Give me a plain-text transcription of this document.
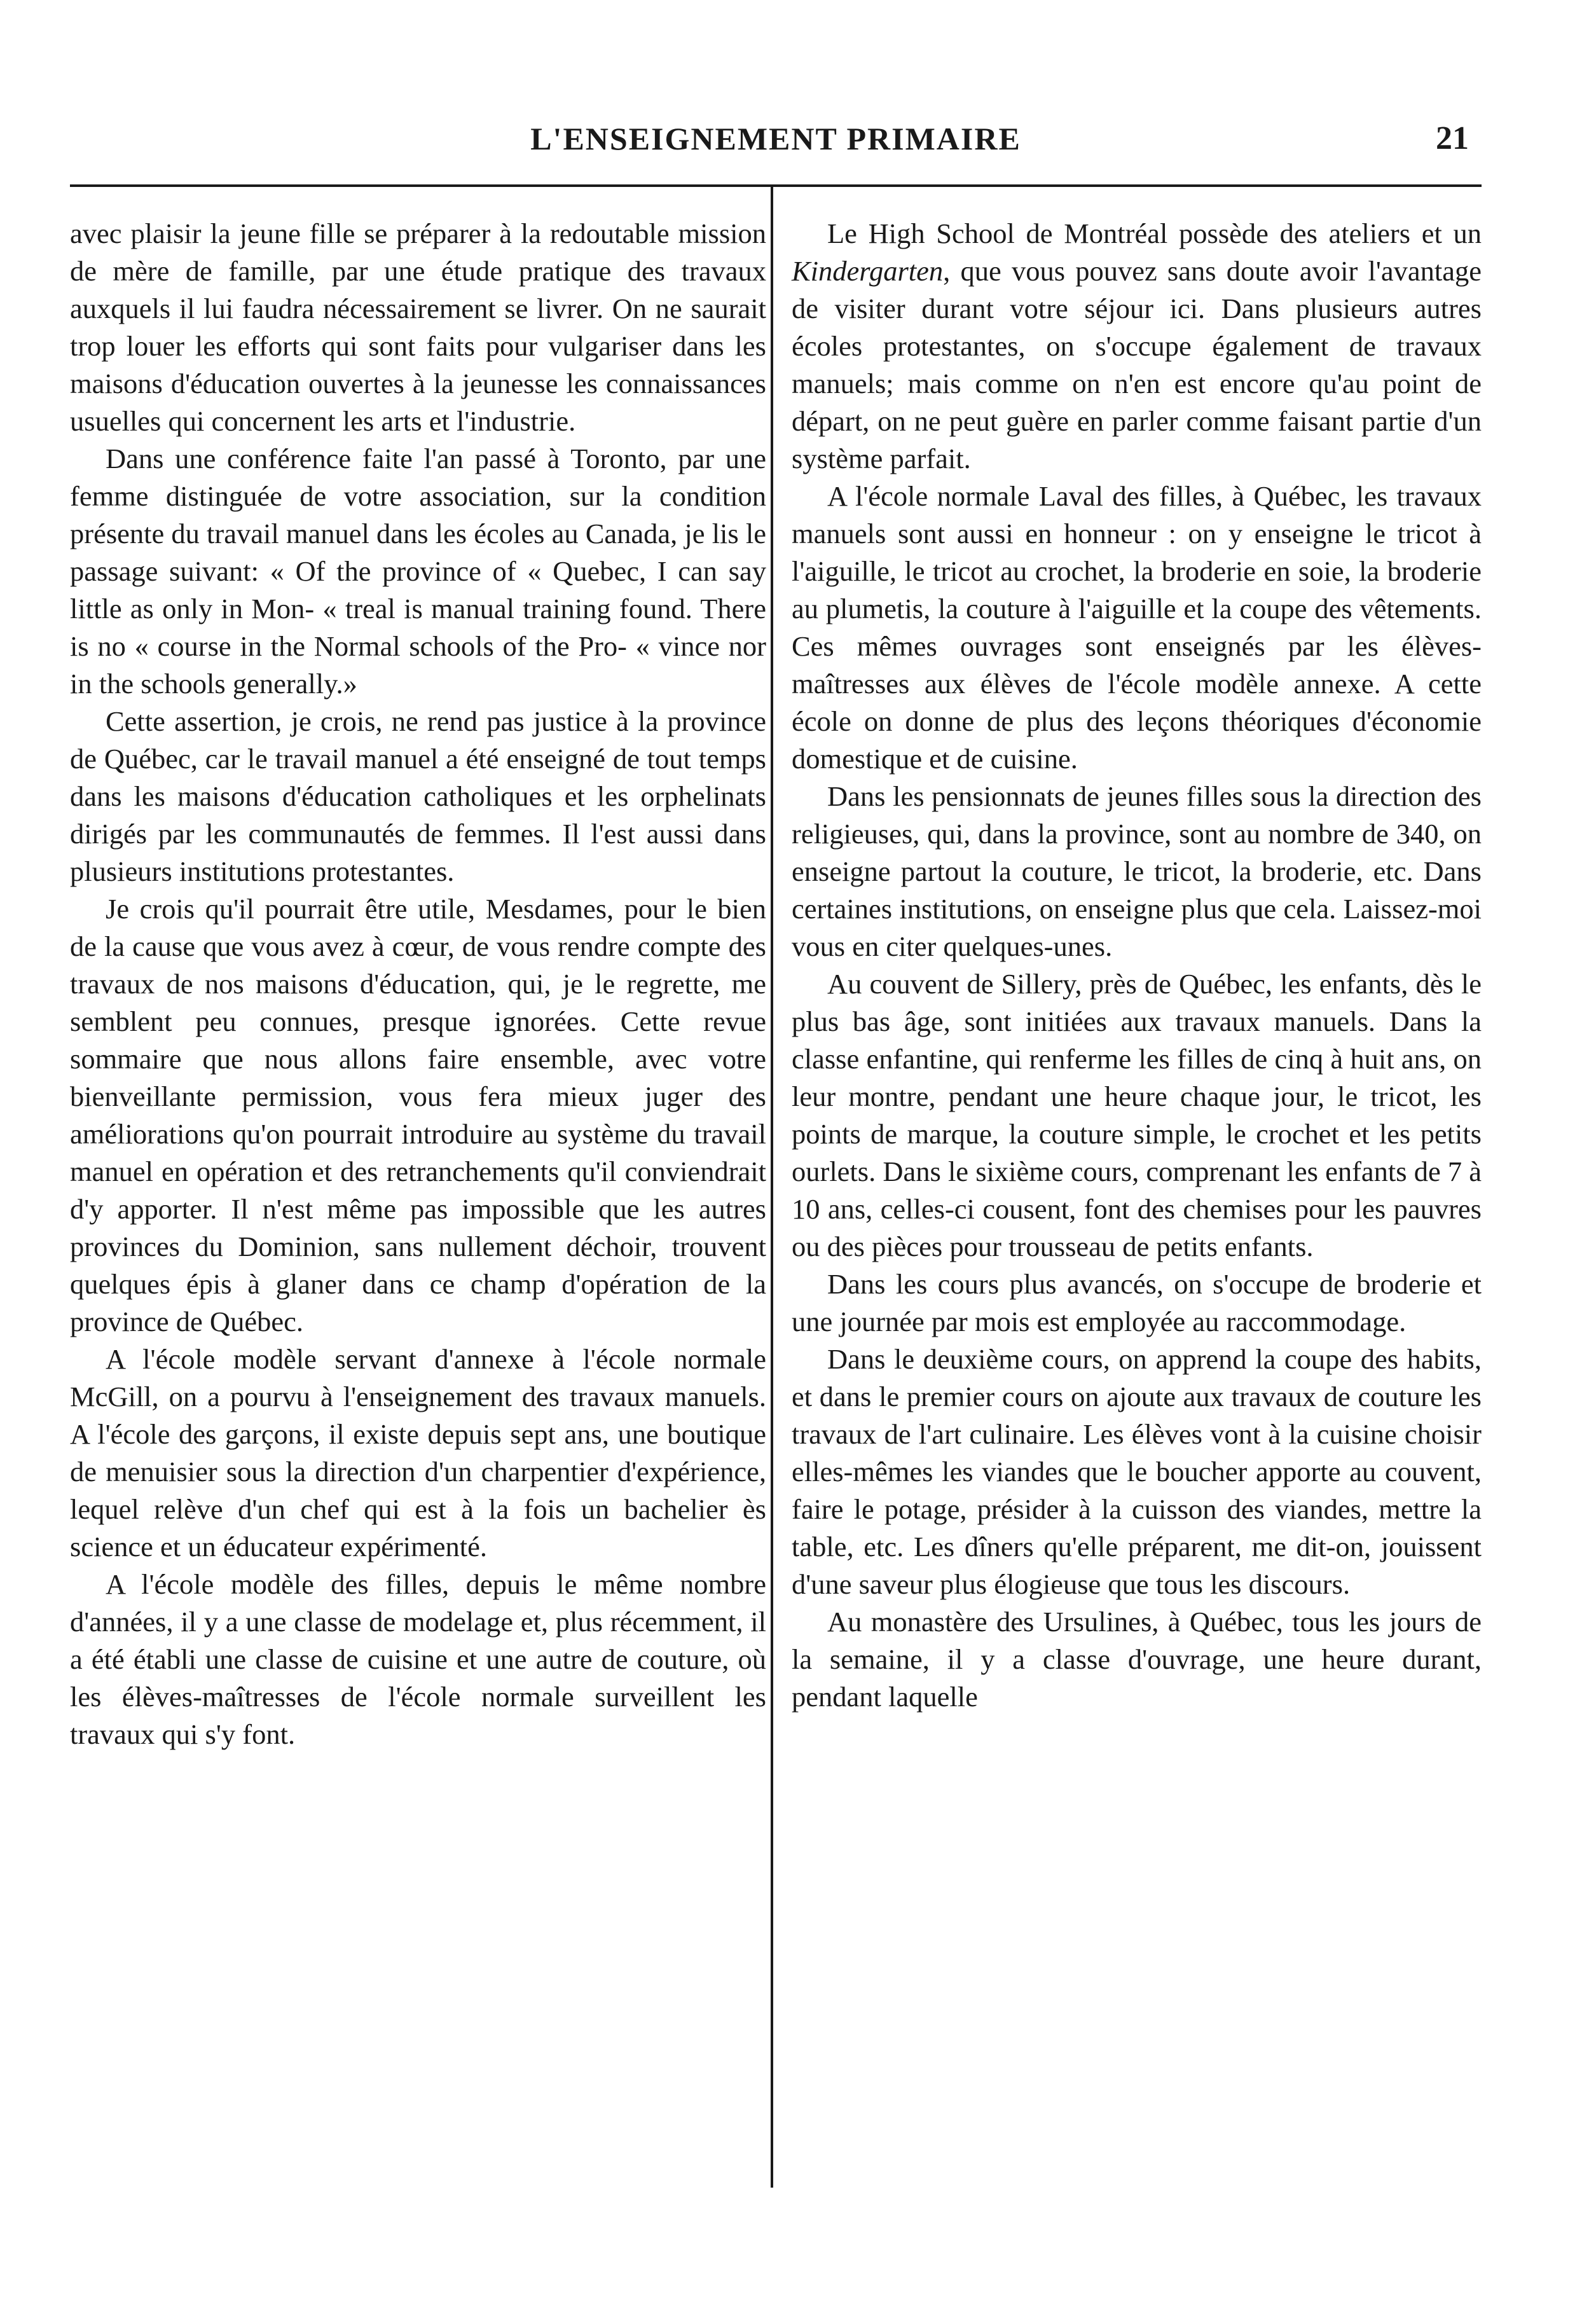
L'ENSEIGNEMENT PRIMAIRE	21

avec plaisir la jeune fille se préparer à la redoutable mission de mère de famille, par une étude pratique des travaux auxquels il lui faudra nécessairement se livrer. On ne saurait trop louer les efforts qui sont faits pour vulgariser dans les maisons d'éducation ouvertes à la jeunesse les connaissances usuelles qui concernent les arts et l'industrie.

Dans une conférence faite l'an passé à Toronto, par une femme distinguée de votre association, sur la condition présente du travail manuel dans les écoles au Canada, je lis le passage suivant: « Of the province of « Quebec, I can say little as only in Mon- « treal is manual training found. There is no « course in the Normal schools of the Pro- « vince nor in the schools generally.»

Cette assertion, je crois, ne rend pas justice à la province de Québec, car le travail manuel a été enseigné de tout temps dans les maisons d'éducation catholiques et les orphelinats dirigés par les communautés de femmes. Il l'est aussi dans plusieurs institutions protestantes.

Je crois qu'il pourrait être utile, Mesdames, pour le bien de la cause que vous avez à cœur, de vous rendre compte des travaux de nos maisons d'éducation, qui, je le regrette, me semblent peu connues, presque ignorées. Cette revue sommaire que nous allons faire ensemble, avec votre bienveillante permission, vous fera mieux juger des améliorations qu'on pourrait introduire au système du travail manuel en opération et des retranchements qu'il conviendrait d'y apporter. Il n'est même pas impossible que les autres provinces du Dominion, sans nullement déchoir, trouvent quelques épis à glaner dans ce champ d'opération de la province de Québec.

A l'école modèle servant d'annexe à l'école normale McGill, on a pourvu à l'enseignement des travaux manuels. A l'école des garçons, il existe depuis sept ans, une boutique de menuisier sous la direction d'un charpentier d'expérience, lequel relève d'un chef qui est à la fois un bachelier ès science et un éducateur expérimenté.

A l'école modèle des filles, depuis le même nombre d'années, il y a une classe de modelage et, plus récemment, il a été établi une classe de cuisine et une autre de couture, où les élèves-maîtresses de l'école normale surveillent les travaux qui s'y font.

Le High School de Montréal possède des ateliers et un Kindergarten, que vous pouvez sans doute avoir l'avantage de visiter durant votre séjour ici. Dans plusieurs autres écoles protestantes, on s'occupe également de travaux manuels; mais comme on n'en est encore qu'au point de départ, on ne peut guère en parler comme faisant partie d'un système parfait.

A l'école normale Laval des filles, à Québec, les travaux manuels sont aussi en honneur : on y enseigne le tricot à l'aiguille, le tricot au crochet, la broderie en soie, la broderie au plumetis, la couture à l'aiguille et la coupe des vêtements. Ces mêmes ouvrages sont enseignés par les élèves-maîtresses aux élèves de l'école modèle annexe. A cette école on donne de plus des leçons théoriques d'économie domestique et de cuisine.

Dans les pensionnats de jeunes filles sous la direction des religieuses, qui, dans la province, sont au nombre de 340, on enseigne partout la couture, le tricot, la broderie, etc. Dans certaines institutions, on enseigne plus que cela. Laissez-moi vous en citer quelques-unes.

Au couvent de Sillery, près de Québec, les enfants, dès le plus bas âge, sont initiées aux travaux manuels. Dans la classe enfantine, qui renferme les filles de cinq à huit ans, on leur montre, pendant une heure chaque jour, le tricot, les points de marque, la couture simple, le crochet et les petits ourlets. Dans le sixième cours, comprenant les enfants de 7 à 10 ans, celles-ci cousent, font des chemises pour les pauvres ou des pièces pour trousseau de petits enfants.

Dans les cours plus avancés, on s'occupe de broderie et une journée par mois est employée au raccommodage.

Dans le deuxième cours, on apprend la coupe des habits, et dans le premier cours on ajoute aux travaux de couture les travaux de l'art culinaire. Les élèves vont à la cuisine choisir elles-mêmes les viandes que le boucher apporte au couvent, faire le potage, présider à la cuisson des viandes, mettre la table, etc. Les dîners qu'elle préparent, me dit-on, jouissent d'une saveur plus élogieuse que tous les discours.

Au monastère des Ursulines, à Québec, tous les jours de la semaine, il y a classe d'ouvrage, une heure durant, pendant laquelle
